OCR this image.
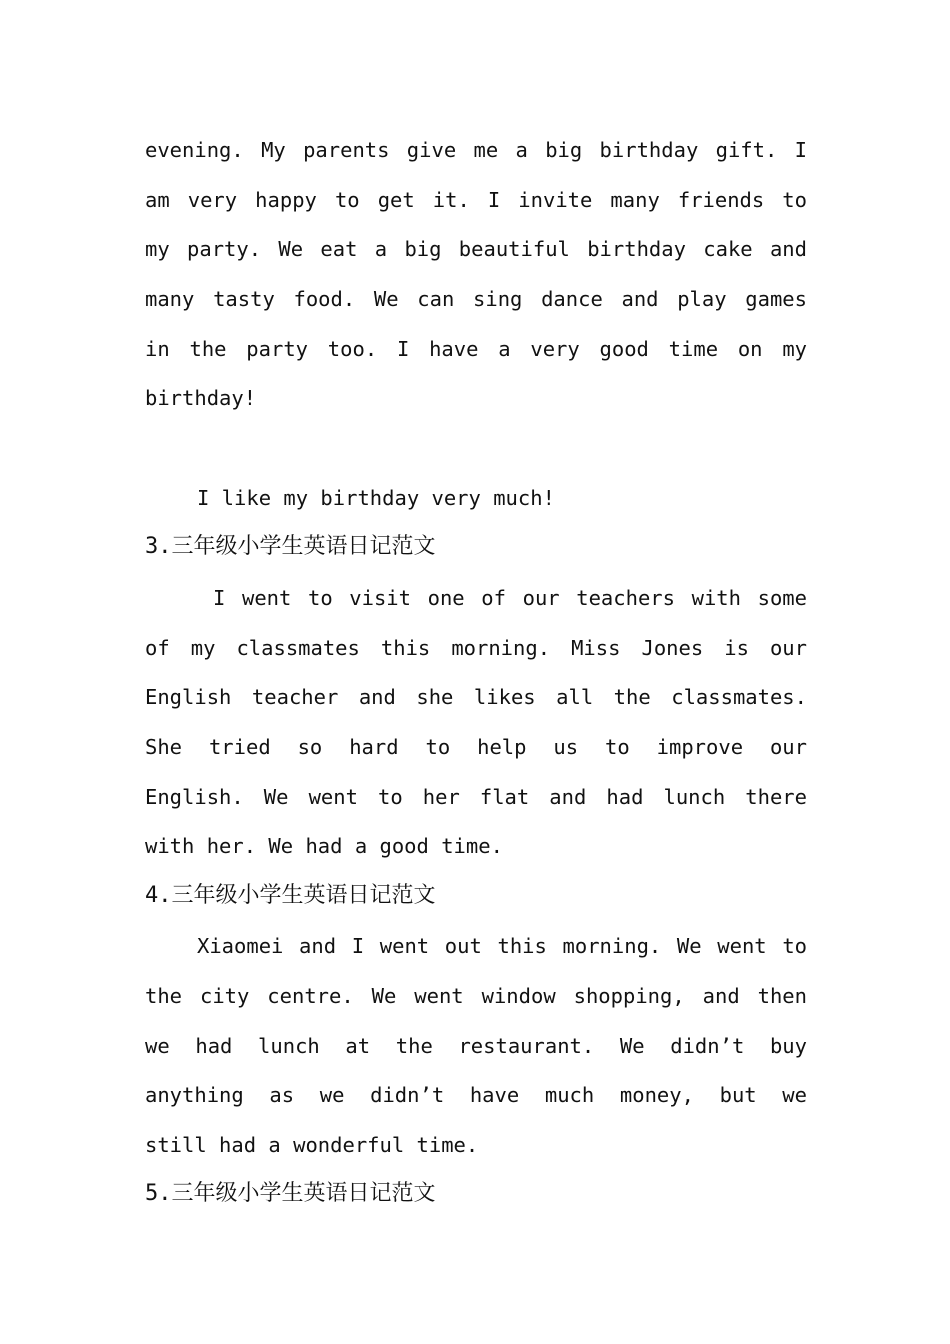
evening. My parents give me a big birthday gift. I
am very happy to get it. I invite many friends to
my party. We eat a big beautiful birthday cake and
many tasty food. We can sing dance and play games
in the party too. I have a very good time on my
birthday!
I like my birthday very much!
3.三年级小学生英语日记范文
I went to visit one of our teachers with some
of my classmates this morning. Miss Jones is our
English teacher and she likes all the classmates.
She tried so hard to help us to improve our
English. We went to her flat and had lunch there
with her. We had a good time.
4.三年级小学生英语日记范文
Xiaomei and I went out this morning. We went to
the city centre. We went window shopping, and then
we had lunch at the restaurant. We didn’t buy
anything as we didn’t have much money, but we
still had a wonderful time.
5.三年级小学生英语日记范文
